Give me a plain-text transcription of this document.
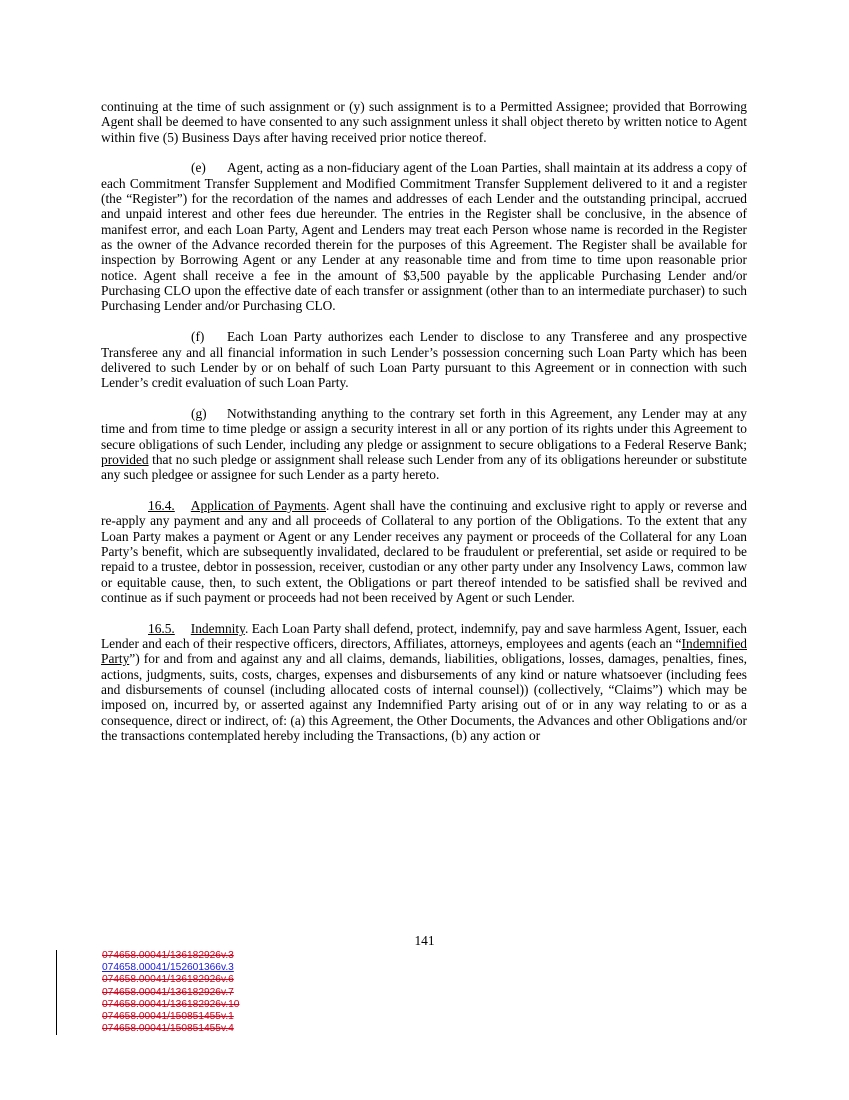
continuing at the time of such assignment or (y) such assignment is to a Permitted Assignee; provided that Borrowing Agent shall be deemed to have consented to any such assignment unless it shall object thereto by written notice to Agent within five (5) Business Days after having received prior notice thereof.

(e) Agent, acting as a non-fiduciary agent of the Loan Parties, shall maintain at its address a copy of each Commitment Transfer Supplement and Modified Commitment Transfer Supplement delivered to it and a register (the “Register”) for the recordation of the names and addresses of each Lender and the outstanding principal, accrued and unpaid interest and other fees due hereunder. The entries in the Register shall be conclusive, in the absence of manifest error, and each Loan Party, Agent and Lenders may treat each Person whose name is recorded in the Register as the owner of the Advance recorded therein for the purposes of this Agreement. The Register shall be available for inspection by Borrowing Agent or any Lender at any reasonable time and from time to time upon reasonable prior notice. Agent shall receive a fee in the amount of $3,500 payable by the applicable Purchasing Lender and/or Purchasing CLO upon the effective date of each transfer or assignment (other than to an intermediate purchaser) to such Purchasing Lender and/or Purchasing CLO.

(f) Each Loan Party authorizes each Lender to disclose to any Transferee and any prospective Transferee any and all financial information in such Lender’s possession concerning such Loan Party which has been delivered to such Lender by or on behalf of such Loan Party pursuant to this Agreement or in connection with such Lender’s credit evaluation of such Loan Party.

(g) Notwithstanding anything to the contrary set forth in this Agreement, any Lender may at any time and from time to time pledge or assign a security interest in all or any portion of its rights under this Agreement to secure obligations of such Lender, including any pledge or assignment to secure obligations to a Federal Reserve Bank; provided that no such pledge or assignment shall release such Lender from any of its obligations hereunder or substitute any such pledgee or assignee for such Lender as a party hereto.

16.4. Application of Payments. Agent shall have the continuing and exclusive right to apply or reverse and re-apply any payment and any and all proceeds of Collateral to any portion of the Obligations. To the extent that any Loan Party makes a payment or Agent or any Lender receives any payment or proceeds of the Collateral for any Loan Party’s benefit, which are subsequently invalidated, declared to be fraudulent or preferential, set aside or required to be repaid to a trustee, debtor in possession, receiver, custodian or any other party under any Insolvency Laws, common law or equitable cause, then, to such extent, the Obligations or part thereof intended to be satisfied shall be revived and continue as if such payment or proceeds had not been received by Agent or such Lender.

16.5. Indemnity. Each Loan Party shall defend, protect, indemnify, pay and save harmless Agent, Issuer, each Lender and each of their respective officers, directors, Affiliates, attorneys, employees and agents (each an “Indemnified Party”) for and from and against any and all claims, demands, liabilities, obligations, losses, damages, penalties, fines, actions, judgments, suits, costs, charges, expenses and disbursements of any kind or nature whatsoever (including fees and disbursements of counsel (including allocated costs of internal counsel)) (collectively, “Claims”) which may be imposed on, incurred by, or asserted against any Indemnified Party arising out of or in any way relating to or as a consequence, direct or indirect, of: (a) this Agreement, the Other Documents, the Advances and other Obligations and/or the transactions contemplated hereby including the Transactions, (b) any action or

141
074658.00041/136182926v.3
074658.00041/152601366v.3
074658.00041/136182926v.6
074658.00041/136182926v.7
074658.00041/136182926v.10
074658.00041/150851455v.1
074658.00041/150851455v.4
